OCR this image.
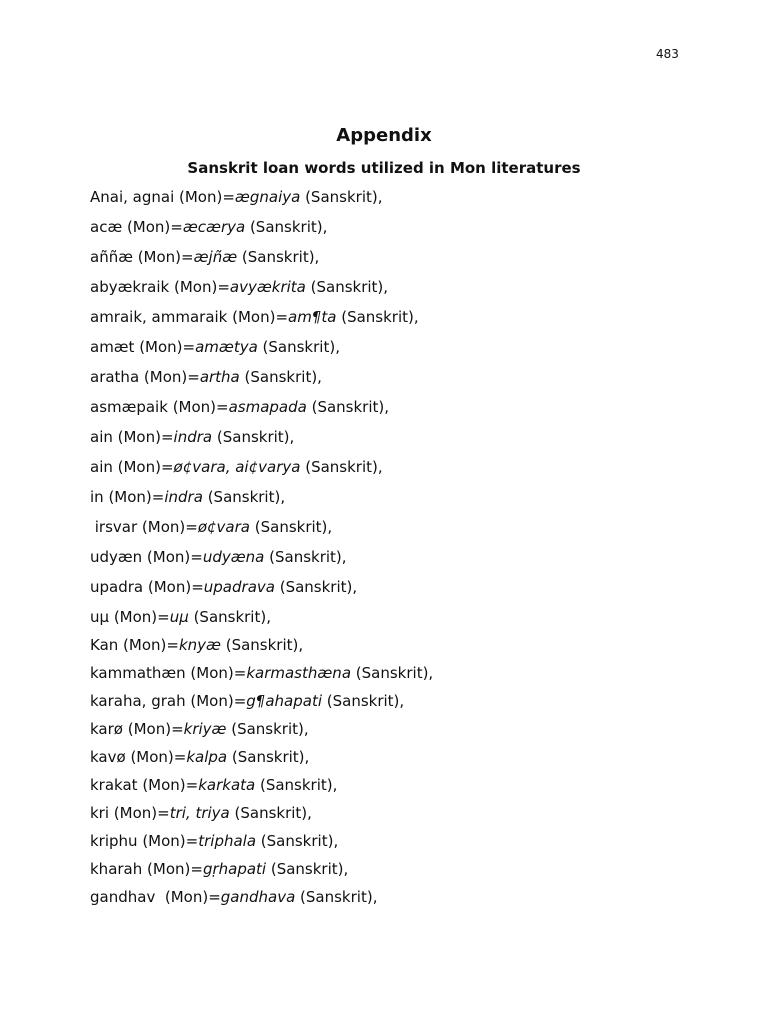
483
Appendix
Sanskrit loan words utilized in Mon literatures
Anai, agnai (Mon)=ægnaiya (Sanskrit),
acæ (Mon)=æcærya (Sanskrit),
aññæ (Mon)=æjñæ (Sanskrit),
abyækraik (Mon)=avyækrita (Sanskrit),
amraik, ammaraik (Mon)=am¶ta (Sanskrit),
amæt (Mon)=amætya (Sanskrit),
aratha (Mon)=artha (Sanskrit),
asmæpaik (Mon)=asmapada (Sanskrit),
ain (Mon)=indra (Sanskrit),
ain (Mon)=ø¢vara, ai¢varya (Sanskrit),
in (Mon)=indra (Sanskrit),
irsvar (Mon)=ø¢vara (Sanskrit),
udyæn (Mon)=udyæna (Sanskrit),
upadra (Mon)=upadrava (Sanskrit),
uµ (Mon)=uµ (Sanskrit),
Kan (Mon)=knyæ (Sanskrit),
kammathæn (Mon)=karmasthæna (Sanskrit),
karaha, grah (Mon)=g¶ahapati (Sanskrit),
karø (Mon)=kriyæ (Sanskrit),
kavø (Mon)=kalpa (Sanskrit),
krakat (Mon)=karkata (Sanskrit),
kri (Mon)=tri, triya (Sanskrit),
kriphu (Mon)=triphala (Sanskrit),
kharah (Mon)=gṛhapati (Sanskrit),
gandhav  (Mon)=gandhava (Sanskrit),
